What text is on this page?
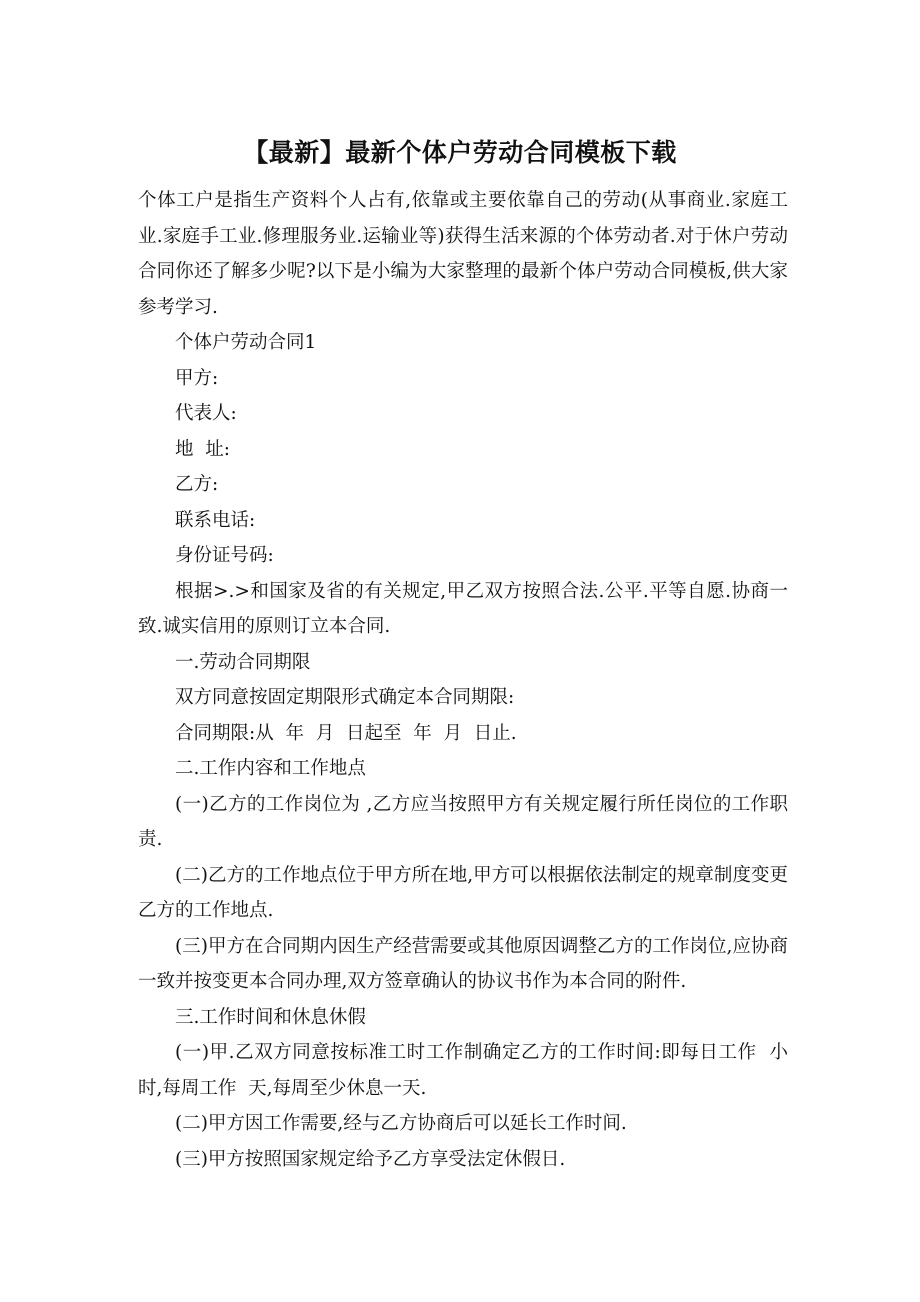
【最新】最新个体户劳动合同模板下载

个体工户是指生产资料个人占有,依靠或主要依靠自己的劳动(从事商业.家庭工业.家庭手工业.修理服务业.运输业等)获得生活来源的个体劳动者.对于休户劳动合同你还了解多少呢?以下是小编为大家整理的最新个体户劳动合同模板,供大家参考学习.

个体户劳动合同1

甲方:

代表人:

地  址:

乙方:

联系电话:

身份证号码:

根据>.>和国家及省的有关规定,甲乙双方按照合法.公平.平等自愿.协商一致.诚实信用的原则订立本合同.

一.劳动合同期限

双方同意按固定期限形式确定本合同期限:

合同期限:从  年  月  日起至  年  月  日止.

二.工作内容和工作地点

(一)乙方的工作岗位为 ,乙方应当按照甲方有关规定履行所任岗位的工作职责.

(二)乙方的工作地点位于甲方所在地,甲方可以根据依法制定的规章制度变更乙方的工作地点.

(三)甲方在合同期内因生产经营需要或其他原因调整乙方的工作岗位,应协商一致并按变更本合同办理,双方签章确认的协议书作为本合同的附件.

三.工作时间和休息休假

(一)甲.乙双方同意按标准工时工作制确定乙方的工作时间:即每日工作  小时,每周工作  天,每周至少休息一天.

(二)甲方因工作需要,经与乙方协商后可以延长工作时间.

(三)甲方按照国家规定给予乙方享受法定休假日.
